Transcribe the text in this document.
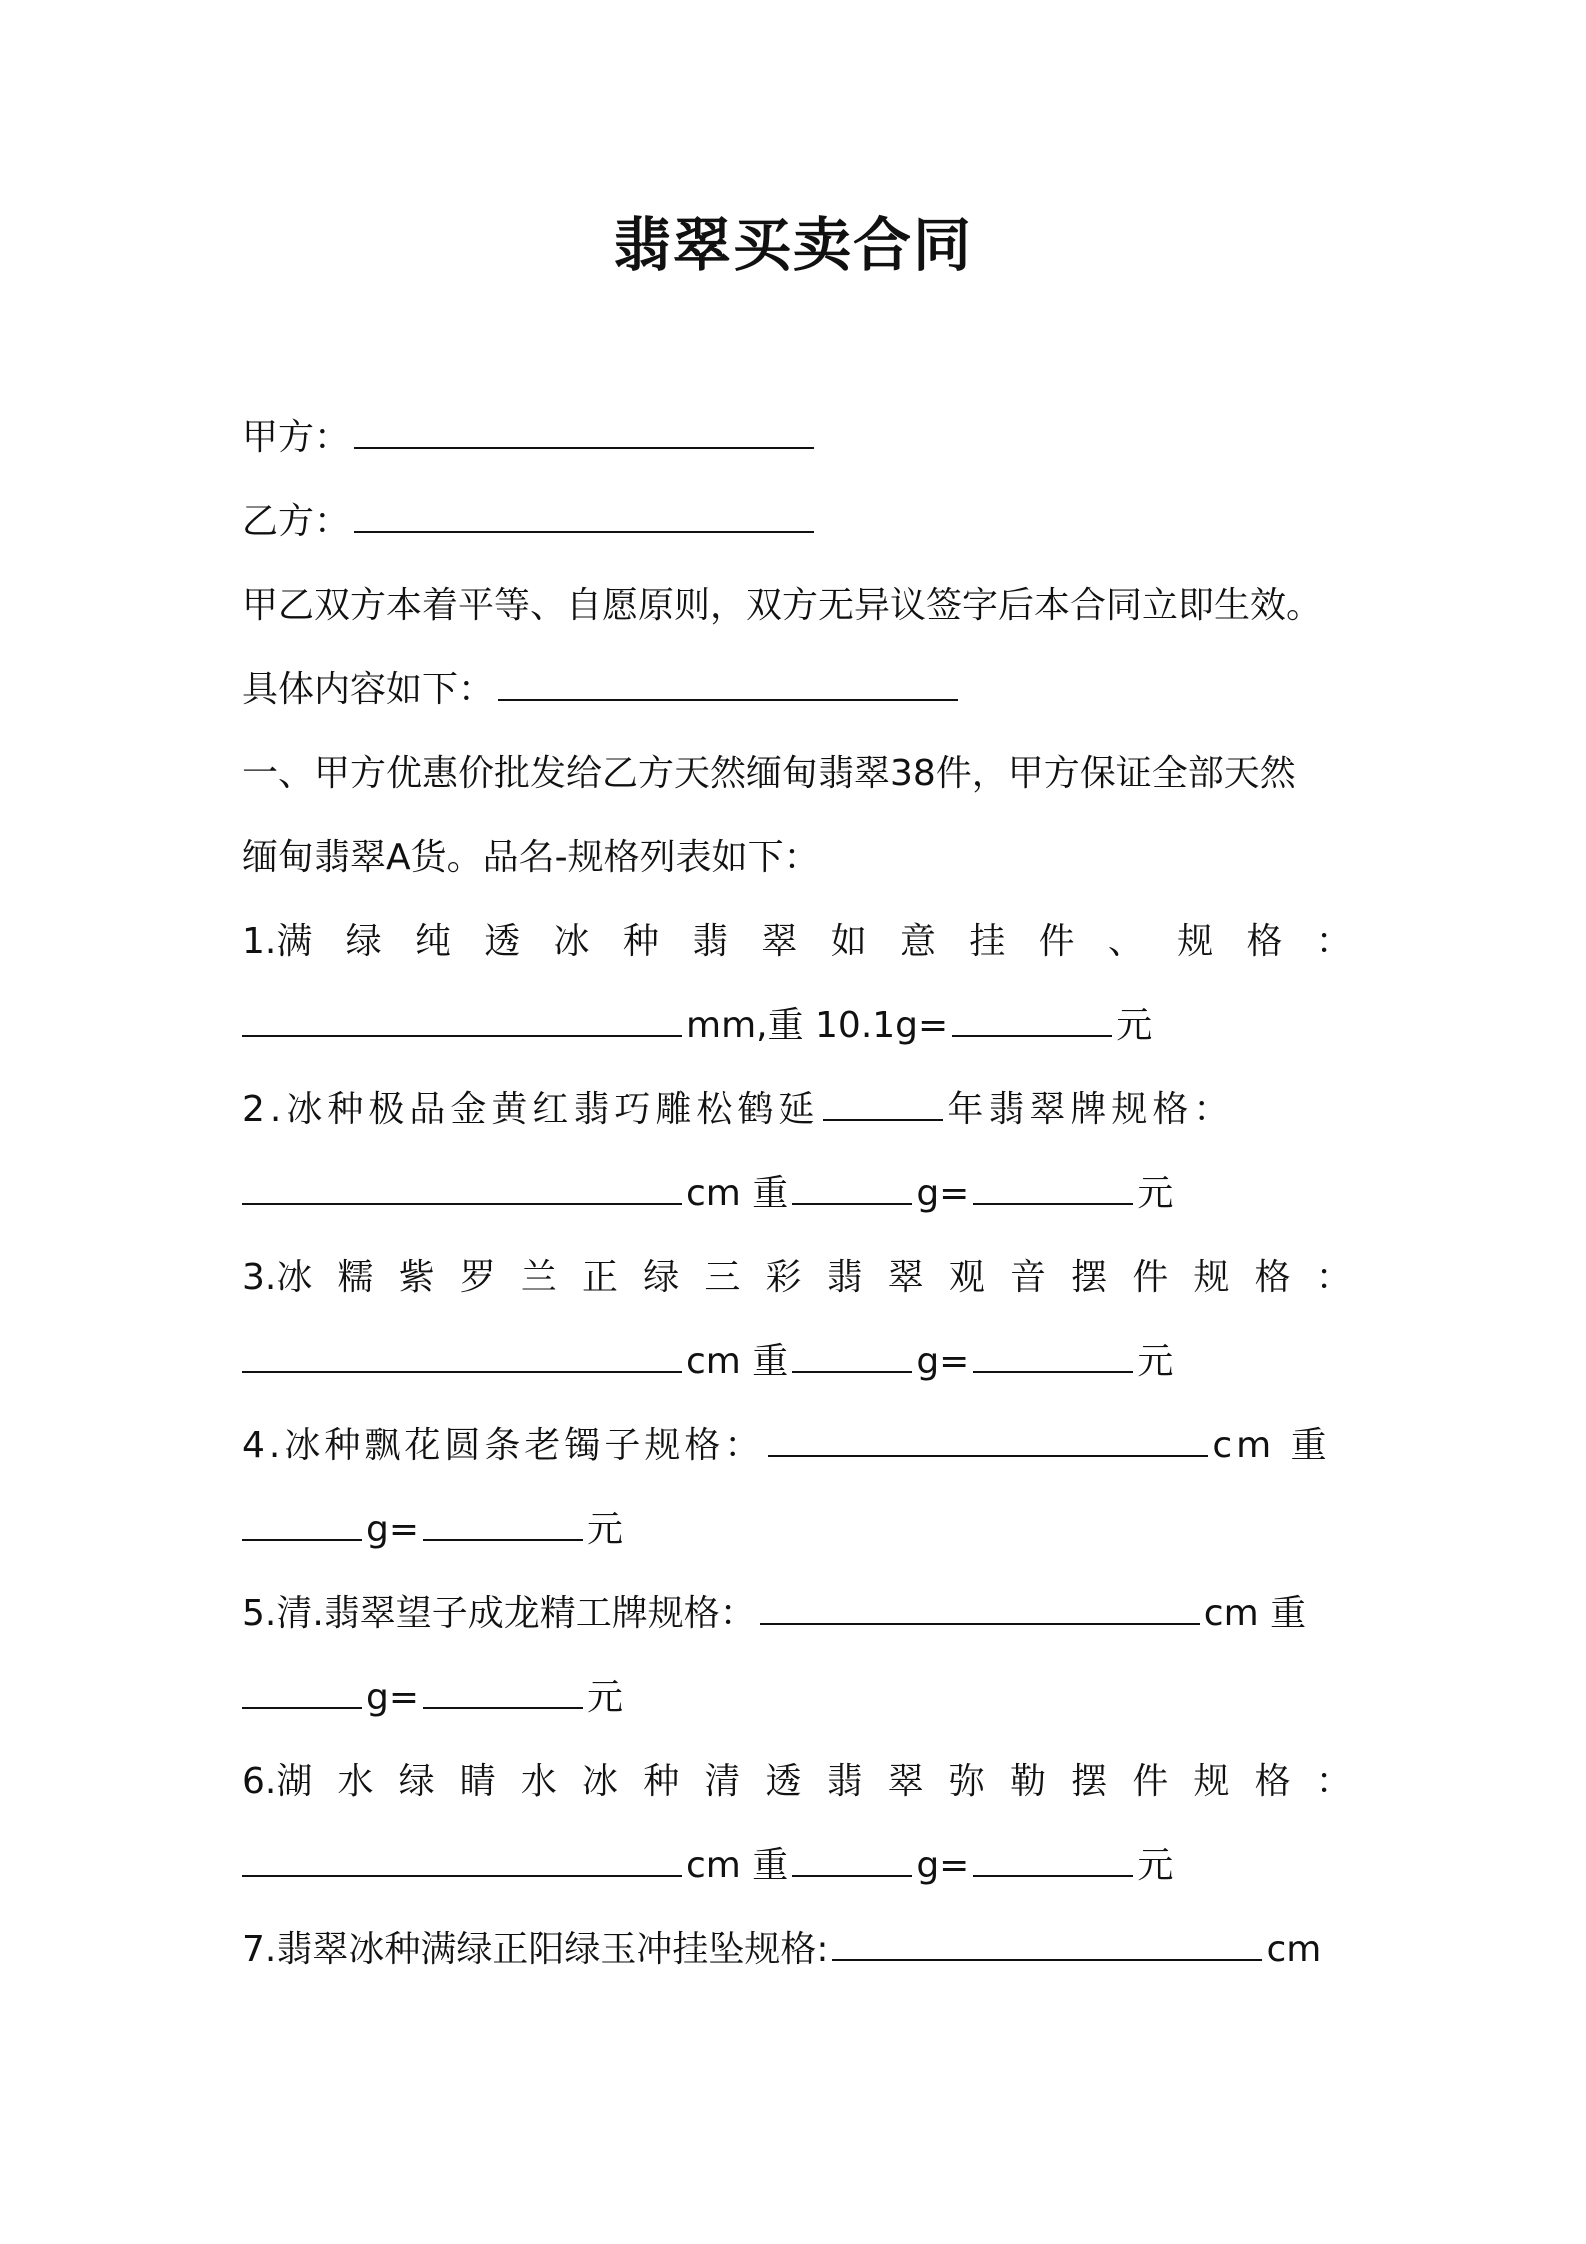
翡翠买卖合同
甲方：
乙方：
甲乙双方本着平等、自愿原则，双方无异议签字后本合同立即生效。
具体内容如下：
一、甲方优惠价批发给乙方天然缅甸翡翠38件，甲方保证全部天然
缅甸翡翠A货。品名-规格列表如下：
1.满 绿 纯 透 冰 种 翡 翠 如 意 挂 件 、 规 格 ：
mm,重 10.1g=	元
2.冰种极品金黄红翡巧雕松鹤延	年翡翠牌规格：
cm 重	g=	元
3.冰 糯 紫 罗 兰 正 绿 三 彩 翡 翠 观 音 摆 件 规 格 ：
cm 重	g=	元
4.冰种飘花圆条老镯子规格：	cm 重
g=	元
5.清.翡翠望子成龙精工牌规格：	cm 重
g=	元
6.湖 水 绿 睛 水 冰 种 清 透 翡 翠 弥 勒 摆 件 规 格 ：
cm 重	g=	元
7.翡翠冰种满绿正阳绿玉冲挂坠规格:	cm
